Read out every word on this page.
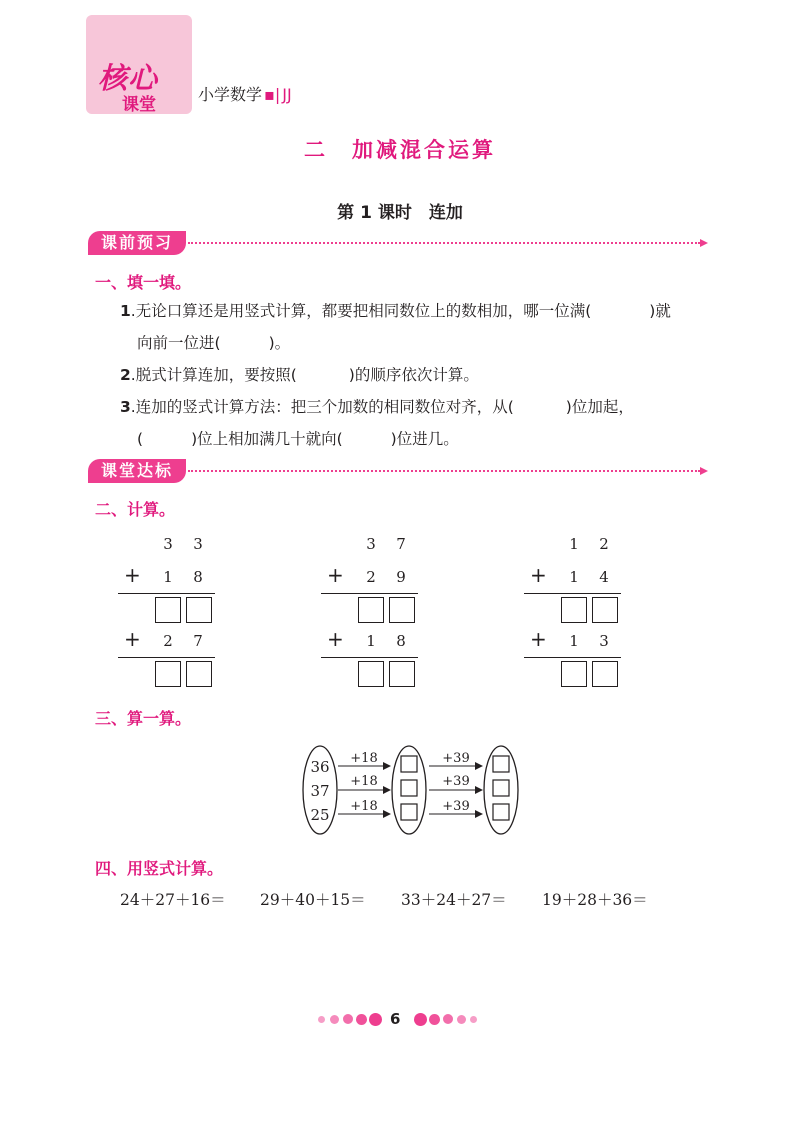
核心
课堂
小学数学 ▪| JJ
二　加减混合运算
第 1 课时　连加
课前预习
一、填一填。
1.无论口算还是用竖式计算，都要把相同数位上的数相加，哪一位满(	)就
向前一位进(	)。
2.脱式计算连加，要按照(	)的顺序依次计算。
3.连加的竖式计算方法：把三个加数的相同数位对齐，从(	)位加起，
(	)位上相加满几十就向(	)位进几。
课堂达标
二、计算。
3	3
+	1	8
+	2	7
3	7
+	2	9
+	1	8
1	2
+	1	4
+	1	3
三、算一算。
36
37
25
+18
+18
+18
+39
+39
+39
四、用竖式计算。
24＋27＋16＝ 29＋40＋15＝ 33＋24＋27＝ 19＋28＋36＝
6
